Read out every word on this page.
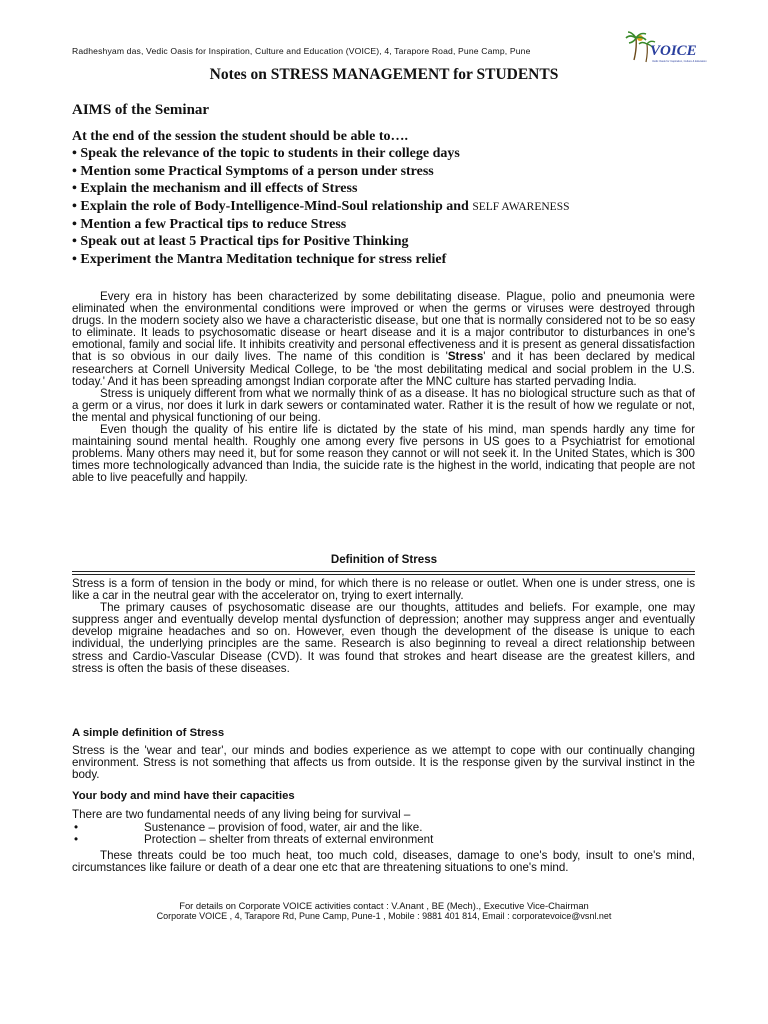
Radheshyam das, Vedic Oasis for Inspiration, Culture and Education (VOICE), 4, Tarapore Road, Pune Camp, Pune	VOICE
Vedic Oasis for Inspiration, Culture & Education
Notes on STRESS MANAGEMENT for STUDENTS
AIMS of the Seminar
At the end of the session the student should be able to….
• Speak the relevance of the topic to students in their college days
• Mention some Practical Symptoms of a person under stress
• Explain the mechanism and ill effects of Stress
• Explain the role of Body-Intelligence-Mind-Soul relationship and SELF AWARENESS
• Mention a few Practical tips to reduce Stress
• Speak out at least 5 Practical tips for Positive Thinking
• Experiment the Mantra Meditation technique for stress relief

Every era in history has been characterized by some debilitating disease. Plague, polio and pneumonia were eliminated when the environmental conditions were improved or when the germs or viruses were destroyed through drugs. In the modern society also we have a characteristic disease, but one that is normally considered not to be so easy to eliminate. It leads to psychosomatic disease or heart disease and it is a major contributor to disturbances in one's emotional, family and social life. It inhibits creativity and personal effectiveness and it is present as general dissatisfaction that is so obvious in our daily lives. The name of this condition is 'Stress' and it has been declared by medical researchers at Cornell University Medical College, to be 'the most debilitating medical and social problem in the U.S. today.' And it has been spreading amongst Indian corporate after the MNC culture has started pervading India.

Stress is uniquely different from what we normally think of as a disease. It has no biological structure such as that of a germ or a virus, nor does it lurk in dark sewers or contaminated water. Rather it is the result of how we regulate or not, the mental and physical functioning of our being.

Even though the quality of his entire life is dictated by the state of his mind, man spends hardly any time for maintaining sound mental health. Roughly one among every five persons in US goes to a Psychiatrist for emotional problems. Many others may need it, but for some reason they cannot or will not seek it. In the United States, which is 300 times more technologically advanced than India, the suicide rate is the highest in the world, indicating that people are not able to live peacefully and happily.

Definition of Stress

Stress is a form of tension in the body or mind, for which there is no release or outlet. When one is under stress, one is like a car in the neutral gear with the accelerator on, trying to exert internally.

The primary causes of psychosomatic disease are our thoughts, attitudes and beliefs. For example, one may suppress anger and eventually develop mental dysfunction of depression; another may suppress anger and eventually develop migraine headaches and so on. However, even though the development of the disease is unique to each individual, the underlying principles are the same. Research is also beginning to reveal a direct relationship between stress and Cardio-Vascular Disease (CVD). It was found that strokes and heart disease are the greatest killers, and stress is often the basis of these diseases.

A simple definition of Stress

Stress is the 'wear and tear', our minds and bodies experience as we attempt to cope with our continually changing environment. Stress is not something that affects us from outside. It is the response given by the survival instinct in the body.

Your body and mind have their capacities
There are two fundamental needs of any living being for survival –
•	Sustenance – provision of food, water, air and the like.
•	Protection – shelter from threats of external environment

These threats could be too much heat, too much cold, diseases, damage to one's body, insult to one's mind, circumstances like failure or death of a dear one etc that are threatening situations to one's mind.

For details on Corporate VOICE activities contact : V.Anant , BE (Mech)., Executive Vice-Chairman
Corporate VOICE , 4, Tarapore Rd, Pune Camp, Pune-1 , Mobile : 9881 401 814, Email : corporatevoice@vsnl.net
